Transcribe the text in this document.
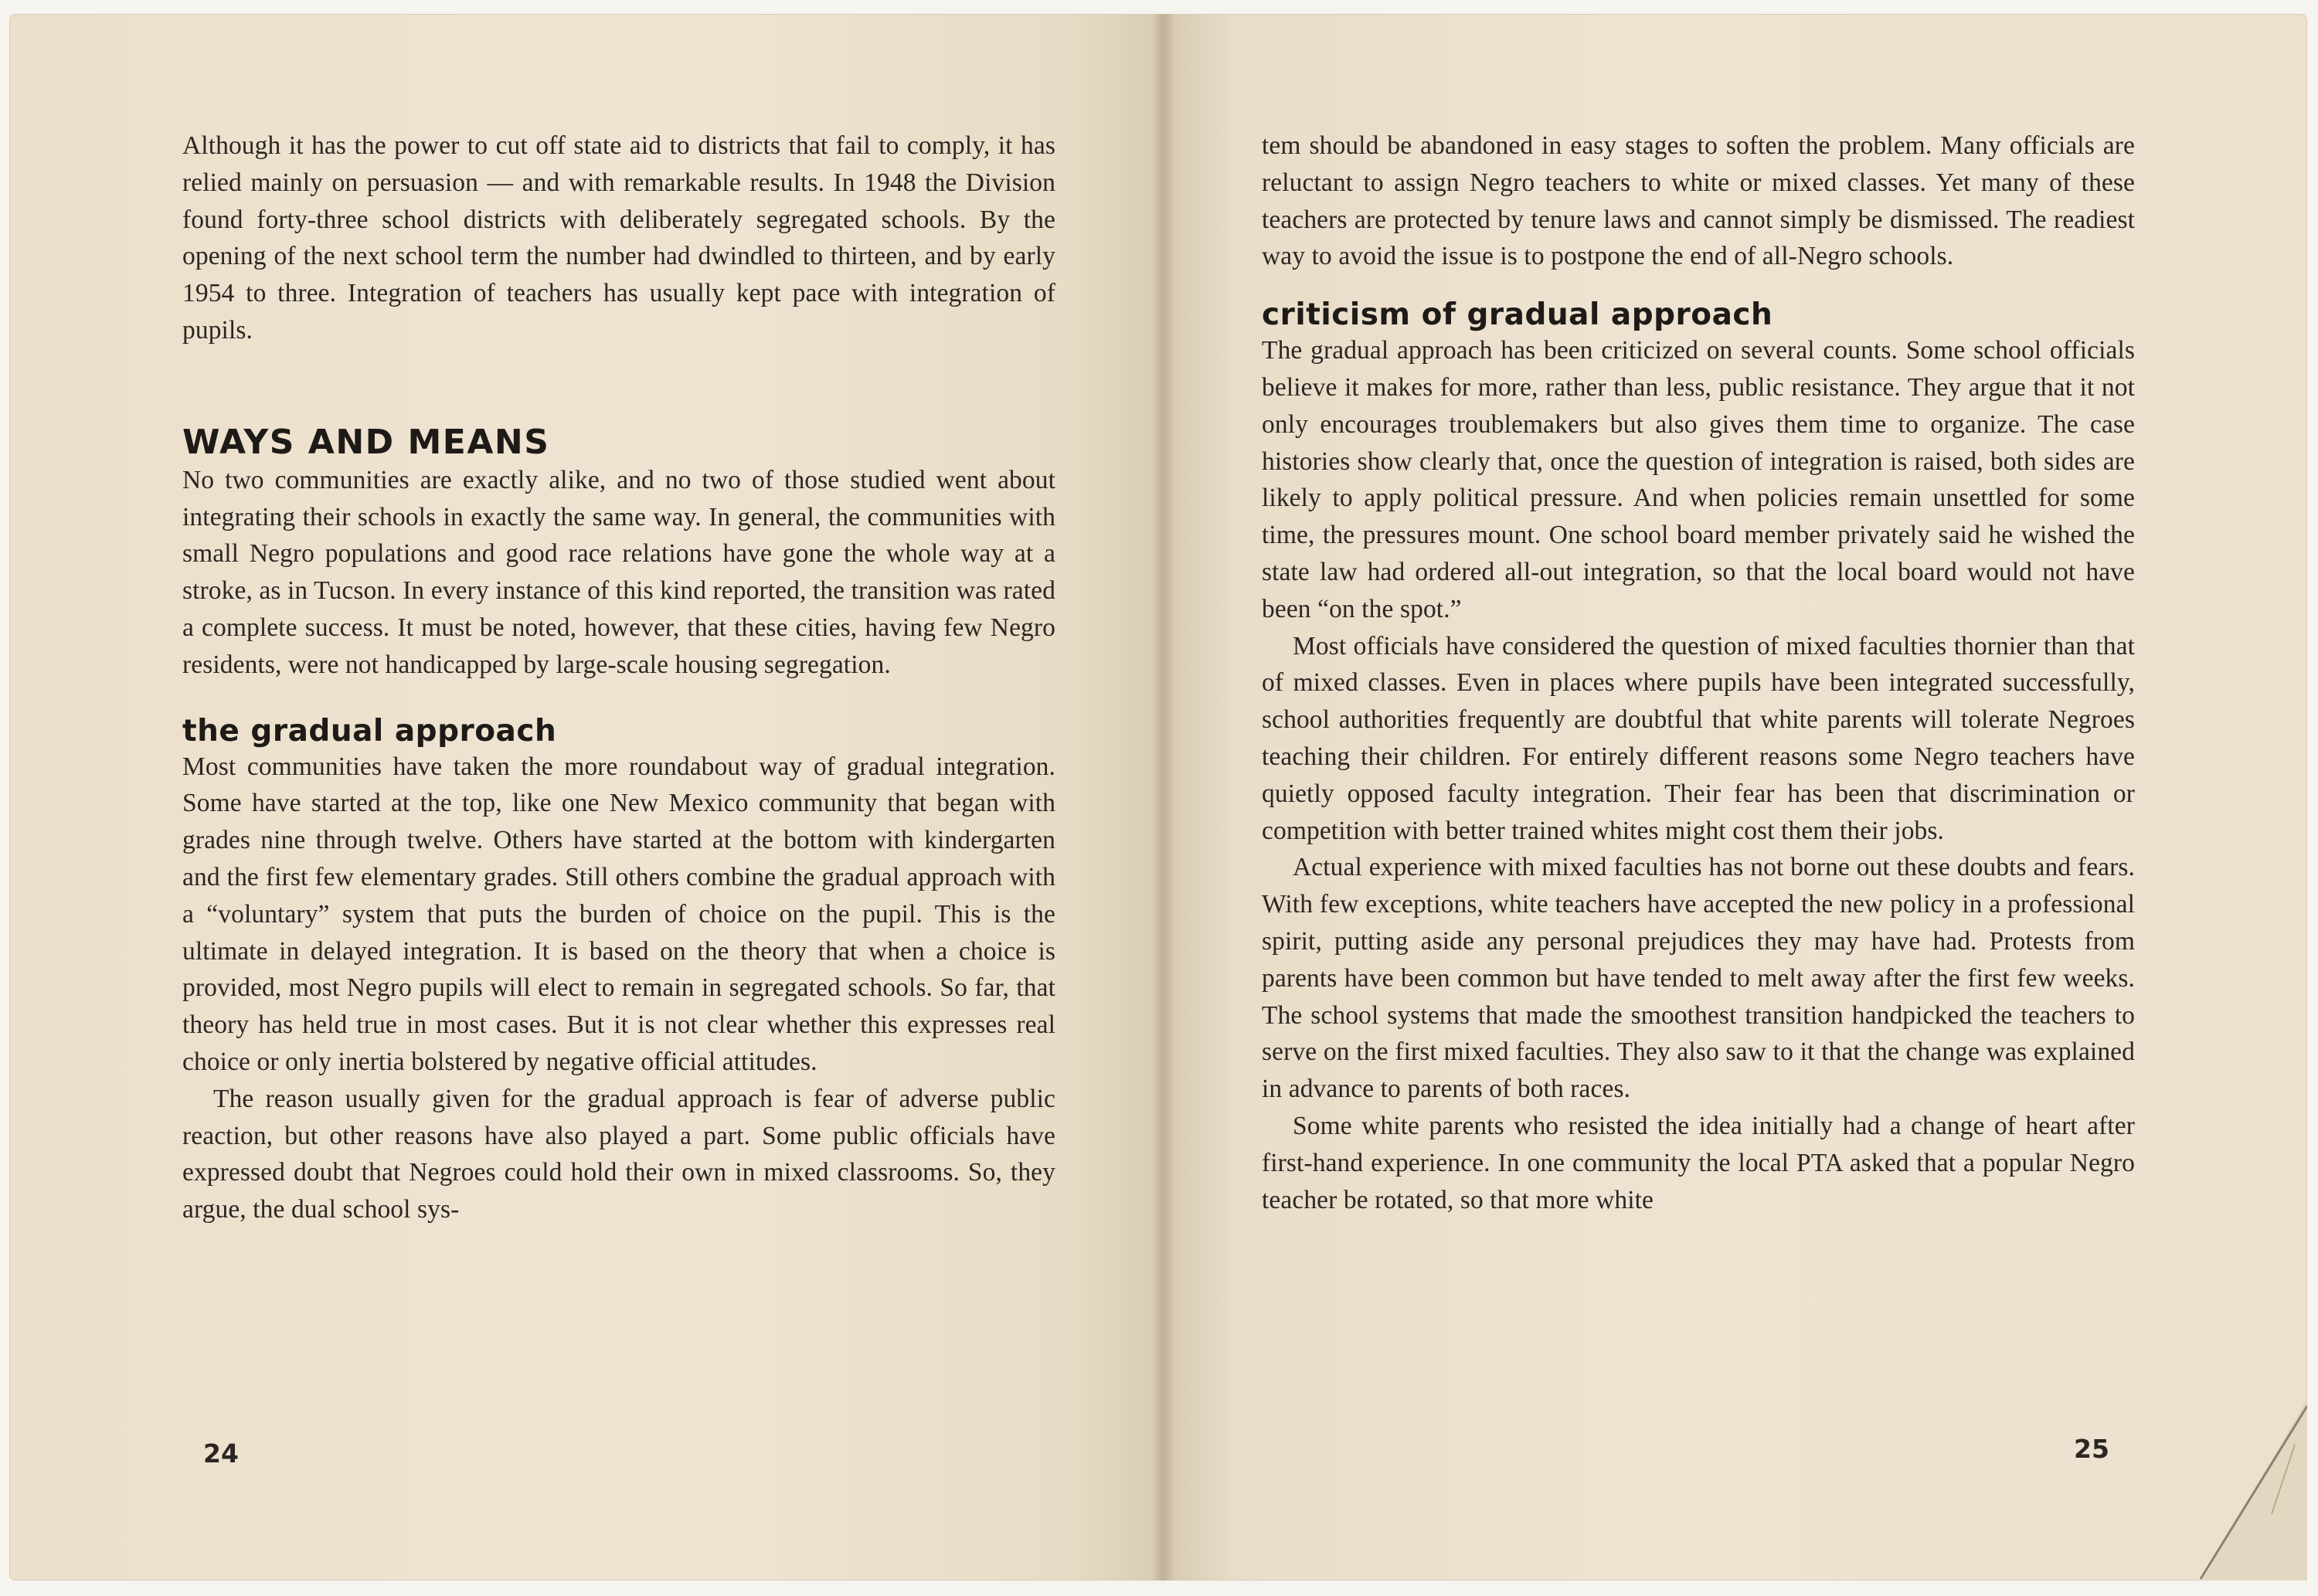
Although it has the power to cut off state aid to districts that fail to comply, it has relied mainly on persuasion — and with remarkable results. In 1948 the Division found forty-three school districts with deliberately segregated schools. By the opening of the next school term the number had dwindled to thirteen, and by early 1954 to three. Integration of teachers has usually kept pace with integration of pupils.

WAYS AND MEANS

No two communities are exactly alike, and no two of those studied went about integrating their schools in exactly the same way. In general, the communities with small Negro populations and good race relations have gone the whole way at a stroke, as in Tucson. In every instance of this kind reported, the transition was rated a complete success. It must be noted, however, that these cities, having few Negro residents, were not handicapped by large-scale housing segregation.

the gradual approach

Most communities have taken the more roundabout way of gradual integration. Some have started at the top, like one New Mexico community that began with grades nine through twelve. Others have started at the bottom with kindergarten and the first few elementary grades. Still others combine the gradual approach with a “voluntary” system that puts the burden of choice on the pupil. This is the ultimate in delayed integration. It is based on the theory that when a choice is provided, most Negro pupils will elect to remain in segregated schools. So far, that theory has held true in most cases. But it is not clear whether this expresses real choice or only inertia bolstered by negative official attitudes.

The reason usually given for the gradual approach is fear of adverse public reaction, but other reasons have also played a part. Some public officials have expressed doubt that Negroes could hold their own in mixed classrooms. So, they argue, the dual school sys-

24

tem should be abandoned in easy stages to soften the problem. Many officials are reluctant to assign Negro teachers to white or mixed classes. Yet many of these teachers are protected by tenure laws and cannot simply be dismissed. The readiest way to avoid the issue is to postpone the end of all-Negro schools.

criticism of gradual approach

The gradual approach has been criticized on several counts. Some school officials believe it makes for more, rather than less, public resistance. They argue that it not only encourages troublemakers but also gives them time to organize. The case histories show clearly that, once the question of integration is raised, both sides are likely to apply political pressure. And when policies remain unsettled for some time, the pressures mount. One school board member privately said he wished the state law had ordered all-out integration, so that the local board would not have been “on the spot.”

Most officials have considered the question of mixed faculties thornier than that of mixed classes. Even in places where pupils have been integrated successfully, school authorities frequently are doubtful that white parents will tolerate Negroes teaching their children. For entirely different reasons some Negro teachers have quietly opposed faculty integration. Their fear has been that discrimination or competition with better trained whites might cost them their jobs.

Actual experience with mixed faculties has not borne out these doubts and fears. With few exceptions, white teachers have accepted the new policy in a professional spirit, putting aside any personal prejudices they may have had. Protests from parents have been common but have tended to melt away after the first few weeks. The school systems that made the smoothest transition handpicked the teachers to serve on the first mixed faculties. They also saw to it that the change was explained in advance to parents of both races.

Some white parents who resisted the idea initially had a change of heart after first-hand experience. In one community the local PTA asked that a popular Negro teacher be rotated, so that more white

25
